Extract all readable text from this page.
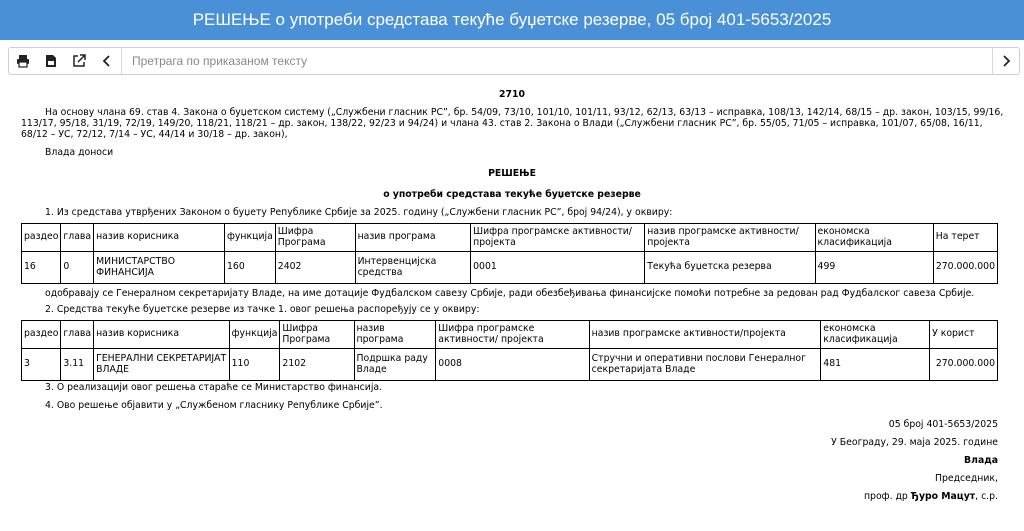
РЕШЕЊЕ о употреби средстава текуће буџетске резерве, 05 број 401-5653/2025
Претрага по приказаном тексту
2710
На основу члана 69. став 4. Закона о буџетском систему („Службени гласник РС”, бр. 54/09, 73/10, 101/10, 101/11, 93/12, 62/13, 63/13 – исправка, 108/13, 142/14, 68/15 – др. закон, 103/15, 99/16,
113/17, 95/18, 31/19, 72/19, 149/20, 118/21, 118/21 – др. закон, 138/22, 92/23 и 94/24) и члана 43. став 2. Закона о Влади („Службени гласник РС”, бр. 55/05, 71/05 – исправка, 101/07, 65/08, 16/11,
68/12 – УС, 72/12, 7/14 – УС, 44/14 и 30/18 – др. закон),
Влада доноси
РЕШЕЊЕ
о употреби средстава текуће буџетске резерве
1. Из средстава утврђених Законом о буџету Републике Србије за 2025. годину („Службени гласник РС”, број 94/24), у оквиру:
раздео	глава	назив корисника	функција	Шифра Програма	назив програма	Шифра програмске активности/ пројекта	назив програмске активности/ пројекта	економска класификација	На терет
16	0	МИНИСТАРСТВО ФИНАНСИЈА	160	2402	Интервенцијска средства	0001	Текућа буџетска резерва	499	270.000.000
одобравају се Генералном секретаријату Владе, на име дотације Фудбалском савезу Србије, ради обезбеђивања финансијске помоћи потребне за редован рад Фудбалског савеза Србије.
2. Средства текуће буџетске резерве из тачке 1. овог решења распоређују се у оквиру:
раздео	глава	назив корисника	функција	Шифра Програма	назив програма	Шифра програмске активности/ пројекта	назив програмске активности/пројекта	економска класификација	У корист
3	3.11	ГЕНЕРАЛНИ СЕКРЕТАРИЈАТ ВЛАДЕ	110	2102	Подршка раду Владе	0008	Стручни и оперативни послови Генералног секретаријата Владе	481	270.000.000
3. О реализацији овог решења стараће се Министарство финансија.
4. Ово решење објавити у „Службеном гласнику Републике Србије”.
05 број 401-5653/2025
У Београду, 29. маја 2025. године
Влада
Председник,
проф. др Ђуро Мацут, с.р.
